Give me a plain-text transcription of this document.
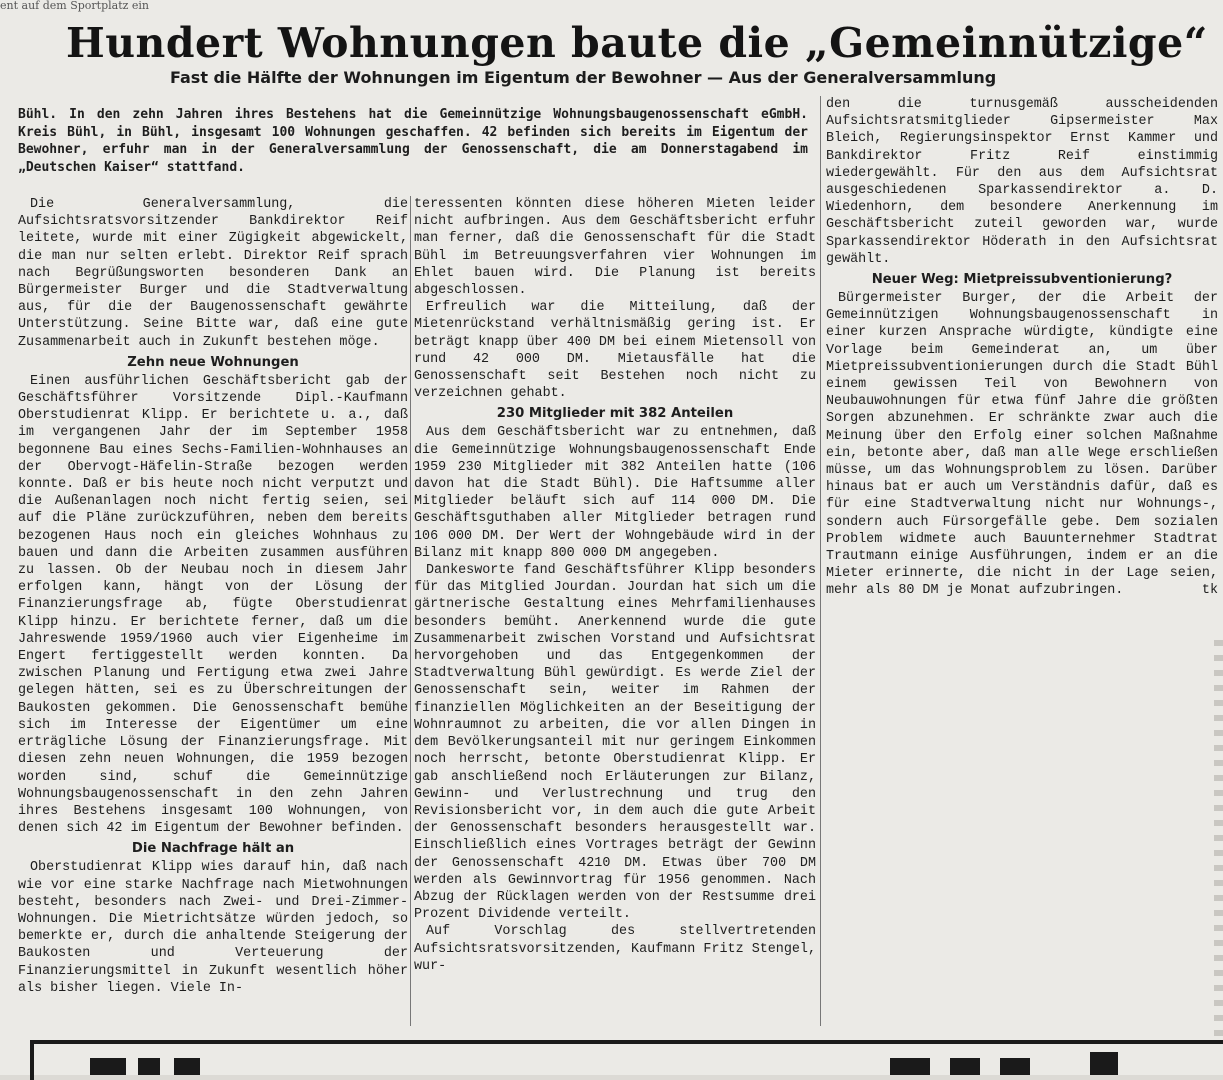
ent auf dem Sportplatz ein
Hundert Wohnungen baute die „Gemeinnützige“
Fast die Hälfte der Wohnungen im Eigentum der Bewohner — Aus der Generalversammlung
Bühl. In den zehn Jahren ihres Bestehens hat die Gemeinnützige Wohnungsbaugenossenschaft eGmbH. Kreis Bühl, in Bühl, insgesamt 100 Wohnungen geschaffen. 42 befinden sich bereits im Eigentum der Bewohner, erfuhr man in der Generalversammlung der Genossenschaft, die am Donnerstagabend im „Deutschen Kaiser“ stattfand.

Die Generalversammlung, die Aufsichtsratsvorsitzender Bankdirektor Reif leitete, wurde mit einer Zügigkeit abgewickelt, die man nur selten erlebt. Direktor Reif sprach nach Begrüßungsworten besonderen Dank an Bürgermeister Burger und die Stadtverwaltung aus, für die der Baugenossenschaft gewährte Unterstützung. Seine Bitte war, daß eine gute Zusammenarbeit auch in Zukunft bestehen möge.

Zehn neue Wohnungen

Einen ausführlichen Geschäftsbericht gab der Geschäftsführer Vorsitzende Dipl.-Kaufmann Oberstudienrat Klipp. Er berichtete u. a., daß im vergangenen Jahr der im September 1958 begonnene Bau eines Sechs-Familien-Wohnhauses an der Obervogt-Häfelin-Straße bezogen werden konnte. Daß er bis heute noch nicht verputzt und die Außenanlagen noch nicht fertig seien, sei auf die Pläne zurückzuführen, neben dem bereits bezogenen Haus noch ein gleiches Wohnhaus zu bauen und dann die Arbeiten zusammen ausführen zu lassen. Ob der Neubau noch in diesem Jahr erfolgen kann, hängt von der Lösung der Finanzierungsfrage ab, fügte Oberstudienrat Klipp hinzu. Er berichtete ferner, daß um die Jahreswende 1959/1960 auch vier Eigenheime im Engert fertiggestellt werden konnten. Da zwischen Planung und Fertigung etwa zwei Jahre gelegen hätten, sei es zu Überschreitungen der Baukosten gekommen. Die Genossenschaft bemühe sich im Interesse der Eigentümer um eine erträgliche Lösung der Finanzierungsfrage. Mit diesen zehn neuen Wohnungen, die 1959 bezogen worden sind, schuf die Gemeinnützige Wohnungsbaugenossenschaft in den zehn Jahren ihres Bestehens insgesamt 100 Wohnungen, von denen sich 42 im Eigentum der Bewohner befinden.

Die Nachfrage hält an

Oberstudienrat Klipp wies darauf hin, daß nach wie vor eine starke Nachfrage nach Mietwohnungen besteht, besonders nach Zwei- und Drei-Zimmer-Wohnungen. Die Mietrichtsätze würden jedoch, so bemerkte er, durch die anhaltende Steigerung der Baukosten und Verteuerung der Finanzierungsmittel in Zukunft wesentlich höher als bisher liegen. Viele In-

teressenten könnten diese höheren Mieten leider nicht aufbringen. Aus dem Geschäftsbericht erfuhr man ferner, daß die Genossenschaft für die Stadt Bühl im Betreuungsverfahren vier Wohnungen im Ehlet bauen wird. Die Planung ist bereits abgeschlossen.

Erfreulich war die Mitteilung, daß der Mietenrückstand verhältnismäßig gering ist. Er beträgt knapp über 400 DM bei einem Mietensoll von rund 42 000 DM. Mietausfälle hat die Genossenschaft seit Bestehen noch nicht zu verzeichnen gehabt.

230 Mitglieder mit 382 Anteilen

Aus dem Geschäftsbericht war zu entnehmen, daß die Gemeinnützige Wohnungsbaugenossenschaft Ende 1959 230 Mitglieder mit 382 Anteilen hatte (106 davon hat die Stadt Bühl). Die Haftsumme aller Mitglieder beläuft sich auf 114 000 DM. Die Geschäftsguthaben aller Mitglieder betragen rund 106 000 DM. Der Wert der Wohngebäude wird in der Bilanz mit knapp 800 000 DM angegeben.

Dankesworte fand Geschäftsführer Klipp besonders für das Mitglied Jourdan. Jourdan hat sich um die gärtnerische Gestaltung eines Mehrfamilienhauses besonders bemüht. Anerkennend wurde die gute Zusammenarbeit zwischen Vorstand und Aufsichtsrat hervorgehoben und das Entgegenkommen der Stadtverwaltung Bühl gewürdigt. Es werde Ziel der Genossenschaft sein, weiter im Rahmen der finanziellen Möglichkeiten an der Beseitigung der Wohnraumnot zu arbeiten, die vor allen Dingen in dem Bevölkerungsanteil mit nur geringem Einkommen noch herrscht, betonte Oberstudienrat Klipp. Er gab anschließend noch Erläuterungen zur Bilanz, Gewinn- und Verlustrechnung und trug den Revisionsbericht vor, in dem auch die gute Arbeit der Genossenschaft besonders herausgestellt war. Einschließlich eines Vortrages beträgt der Gewinn der Genossenschaft 4210 DM. Etwas über 700 DM werden als Gewinnvortrag für 1956 genommen. Nach Abzug der Rücklagen werden von der Restsumme drei Prozent Dividende verteilt.

Auf Vorschlag des stellvertretenden Aufsichtsratsvorsitzenden, Kaufmann Fritz Stengel, wur-

den die turnusgemäß ausscheidenden Aufsichtsratsmitglieder Gipsermeister Max Bleich, Regierungsinspektor Ernst Kammer und Bankdirektor Fritz Reif einstimmig wiedergewählt. Für den aus dem Aufsichtsrat ausgeschiedenen Sparkassendirektor a. D. Wiedenhorn, dem besondere Anerkennung im Geschäftsbericht zuteil geworden war, wurde Sparkassendirektor Höderath in den Aufsichtsrat gewählt.

Neuer Weg: Mietpreissubventionierung?

Bürgermeister Burger, der die Arbeit der Gemeinnützigen Wohnungsbaugenossenschaft in einer kurzen Ansprache würdigte, kündigte eine Vorlage beim Gemeinderat an, um über Mietpreissubventionierungen durch die Stadt Bühl einem gewissen Teil von Bewohnern von Neubauwohnungen für etwa fünf Jahre die größten Sorgen abzunehmen. Er schränkte zwar auch die Meinung über den Erfolg einer solchen Maßnahme ein, betonte aber, daß man alle Wege erschließen müsse, um das Wohnungsproblem zu lösen. Darüber hinaus bat er auch um Verständnis dafür, daß es für eine Stadtverwaltung nicht nur Wohnungs-, sondern auch Fürsorgefälle gebe. Dem sozialen Problem widmete auch Bauunternehmer Stadtrat Trautmann einige Ausführungen, indem er an die Mieter erinnerte, die nicht in der Lage seien, mehr als 80 DM je Monat aufzubringen.	tk
